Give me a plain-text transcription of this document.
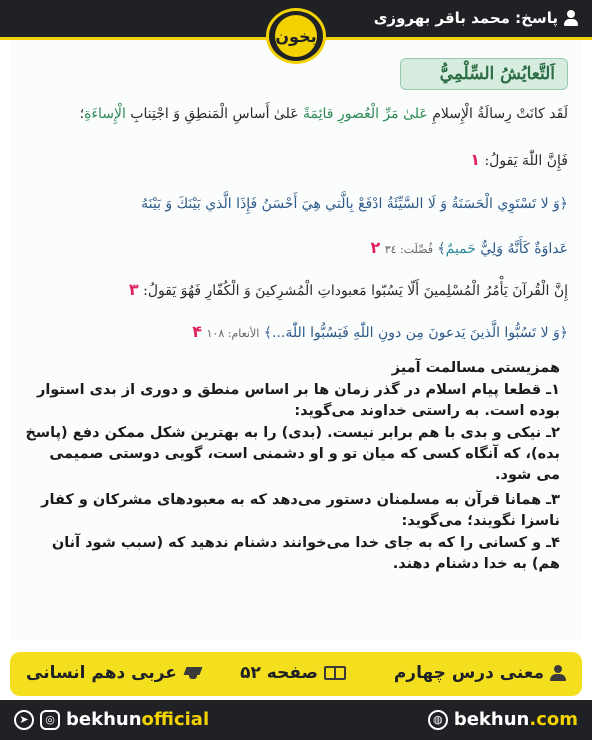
پاسخ: محمد باقر بهروزی
بخون
اَلتَّعايُشُ السِّلْمِيُّ
لَقَد كانَتْ رِسالَةُ الْإِسلامِ عَلىٰ مَرِّ الْعُصورِ قائِمَةً عَلىٰ أَساسِ الْمَنطِقِ وَ اجْتِنابِ الْإِساءَةِ؛
فَإِنَّ اللّٰهَ يَقولُ: ۱
﴿وَ لا تَسْتَوِي الْحَسَنَةُ وَ لَا السَّيِّئَةُ ادْفَعْ بِالَّتي هِيَ أَحْسَنُ فَإِذَا الَّذي بَيْنَكَ وَ بَيْنَهُ
عَداوَةٌ كَأَنَّهُ وَلِيٌّ حَميمٌ﴾ فُصِّلَت: ٣٤ ۲
إِنَّ الْقُرآنَ يَأْمُرُ الْمُسْلِمينَ أَلّا يَسُبّوا مَعبوداتِ الْمُشرِكينَ وَ الْكُفّارِ فَهُوَ يَقولُ: ۳
﴿وَ لا تَسُبُّوا الَّذينَ يَدعونَ مِن دونِ اللّٰهِ فَيَسُبُّوا اللّٰهَ...﴾ الأنعام: ١٠٨ ۴
همزیستی مسالمت آمیز
۱ـ قطعا پیام اسلام در گذر زمان ها بر اساس منطق و دوری از بدی استوار بوده است. به راستی خداوند می‌گوید:
۲ـ نیکی و بدی با هم برابر نیست. (بدی) را به بهترین شکل ممکن دفع (پاسخ بده)، که آنگاه کسی که میان تو و او دشمنی است، گویی دوستی صمیمی می شود.
۳ـ همانا قرآن به مسلمنان دستور می‌دهد که به معبودهای مشرکان و کفار ناسزا نگویند؛ می‌گوید:
۴ـ و کسانی را که به جای خدا می‌خوانند دشنام ندهید که (سبب شود آنان هم) به خدا دشنام دهند.
معنی درس چهارم
صفحه ۵۲
عربی دهم انسانی
➤	◎ bekhunofficial	◍ bekhun.com
